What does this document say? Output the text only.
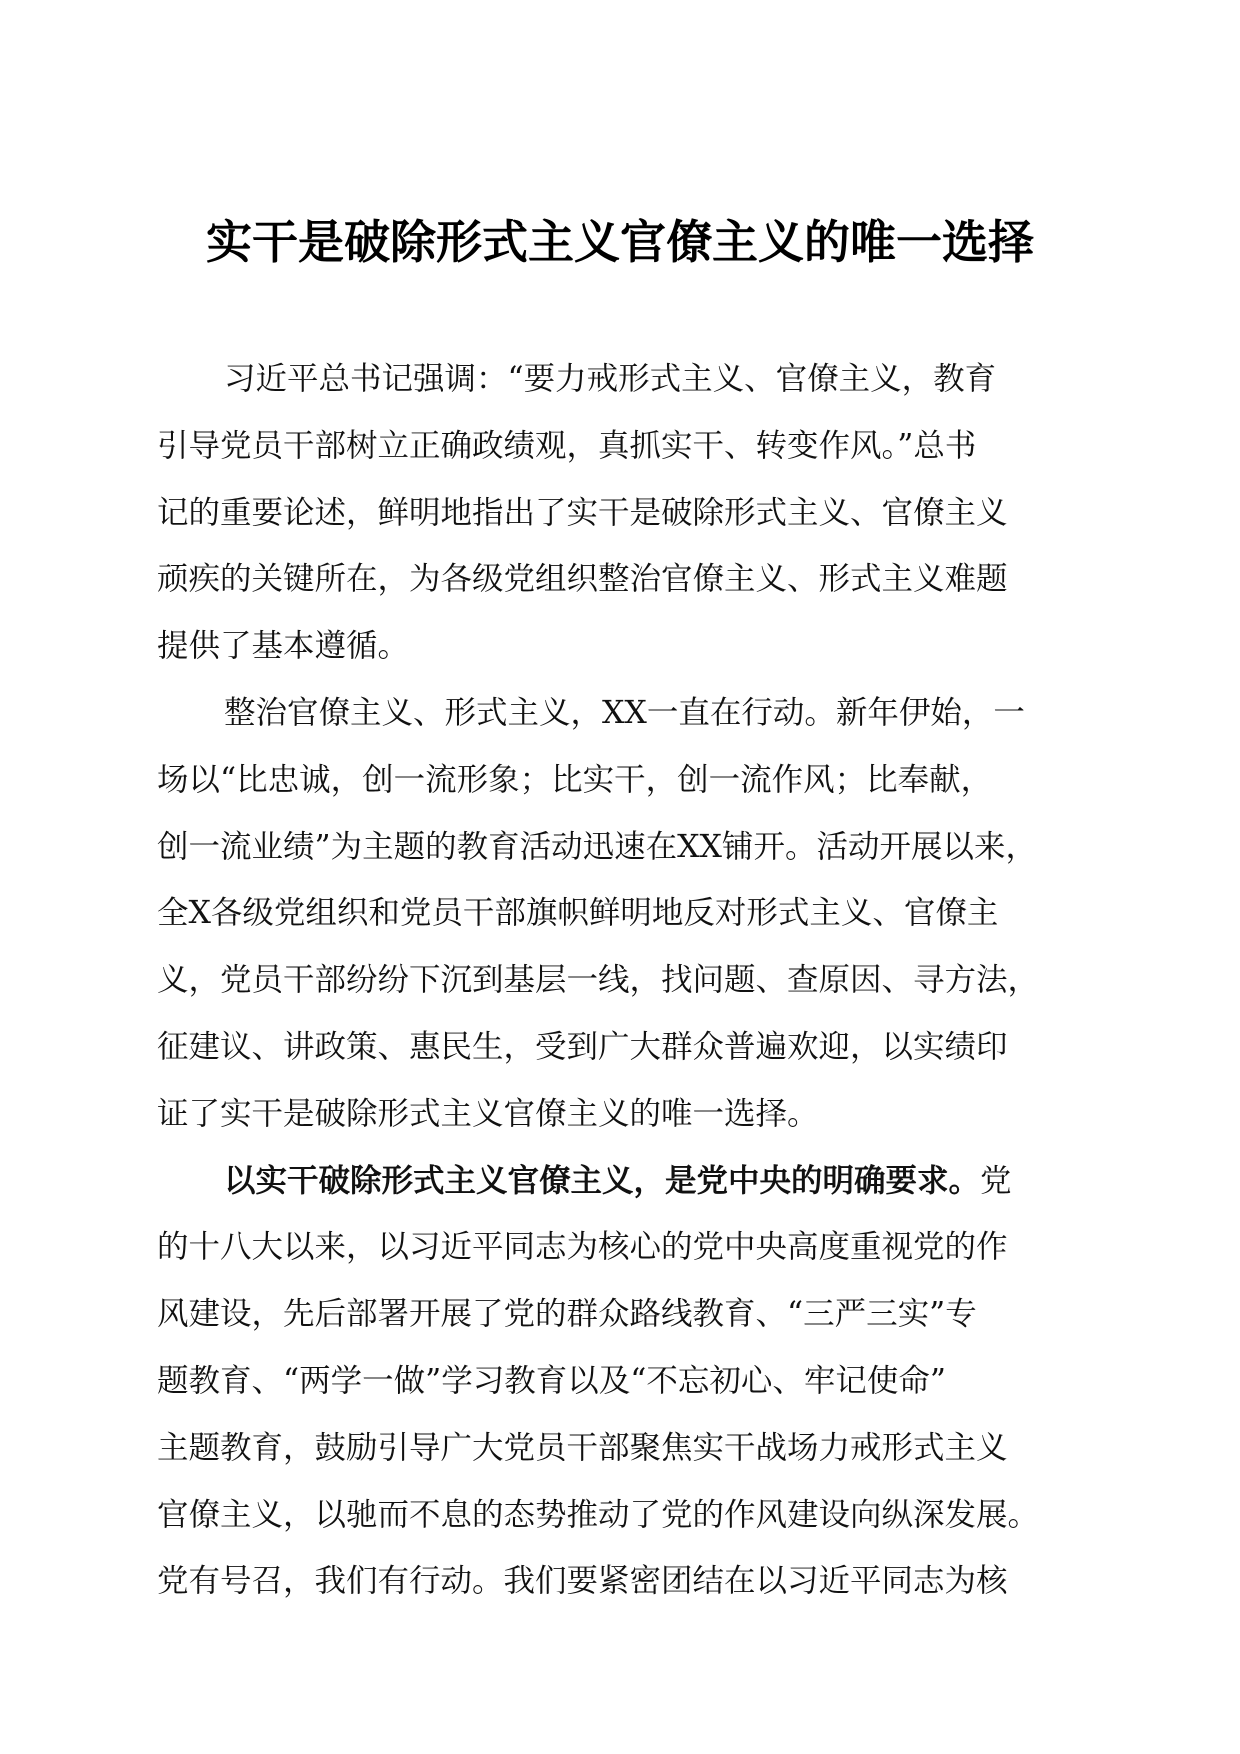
实干是破除形式主义官僚主义的唯一选择
习近平总书记强调：“要力戒形式主义、官僚主义，教育
引导党员干部树立正确政绩观，真抓实干、转变作风。”总书
记的重要论述，鲜明地指出了实干是破除形式主义、官僚主义
顽疾的关键所在，为各级党组织整治官僚主义、形式主义难题
提供了基本遵循。
整治官僚主义、形式主义，XX一直在行动。新年伊始，一
场以“比忠诚，创一流形象；比实干，创一流作风；比奉献，
创一流业绩”为主题的教育活动迅速在XX铺开。活动开展以来，
全X各级党组织和党员干部旗帜鲜明地反对形式主义、官僚主
义，党员干部纷纷下沉到基层一线，找问题、查原因、寻方法，
征建议、讲政策、惠民生，受到广大群众普遍欢迎，以实绩印
证了实干是破除形式主义官僚主义的唯一选择。
以实干破除形式主义官僚主义，是党中央的明确要求。党
的十八大以来，以习近平同志为核心的党中央高度重视党的作
风建设，先后部署开展了党的群众路线教育、“三严三实”专
题教育、“两学一做”学习教育以及“不忘初心、牢记使命”
主题教育，鼓励引导广大党员干部聚焦实干战场力戒形式主义
官僚主义，以驰而不息的态势推动了党的作风建设向纵深发展。
党有号召，我们有行动。我们要紧密团结在以习近平同志为核
